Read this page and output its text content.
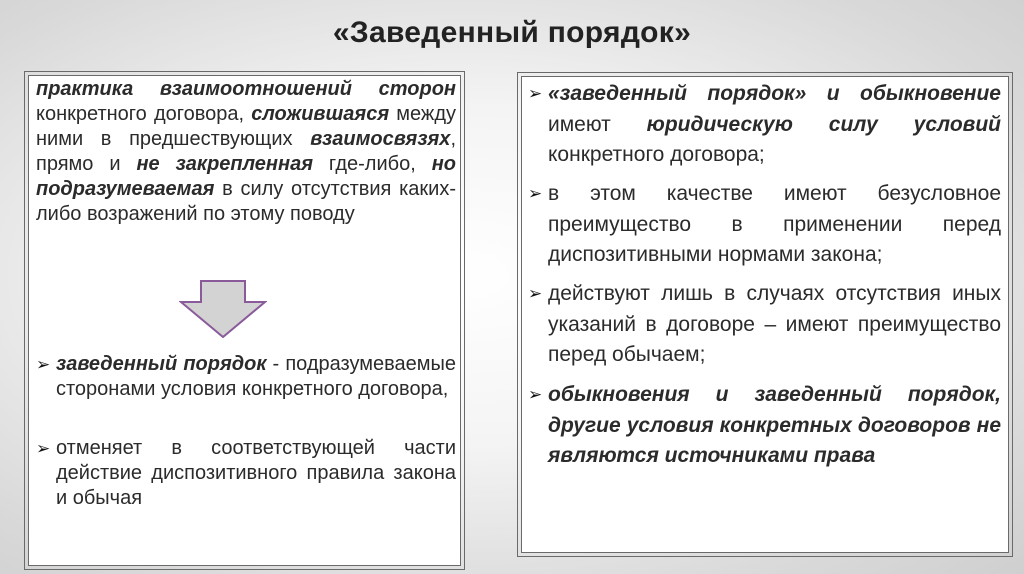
«Заведенный порядок»
практика взаимоотношений сторон конкретного договора, сложившаяся между ними в предшествующих взаимосвязях, прямо и не закрепленная где-либо, но подразумеваемая в силу отсутствия каких-либо возражений по этому поводу
➢ заведенный порядок - подразумеваемые сторонами условия конкретного договора,
➢ отменяет в соответствующей части действие диспозитивного правила закона и обычая
➢ «заведенный порядок» и обыкновение имеют юридическую силу условий конкретного договора;
➢ в этом качестве имеют безусловное преимущество в применении перед диспозитивными нормами закона;
➢ действуют лишь в случаях отсутствия иных указаний в договоре – имеют преимущество перед обычаем;
➢ обыкновения и заведенный порядок, другие условия конкретных договоров не являются источниками права
